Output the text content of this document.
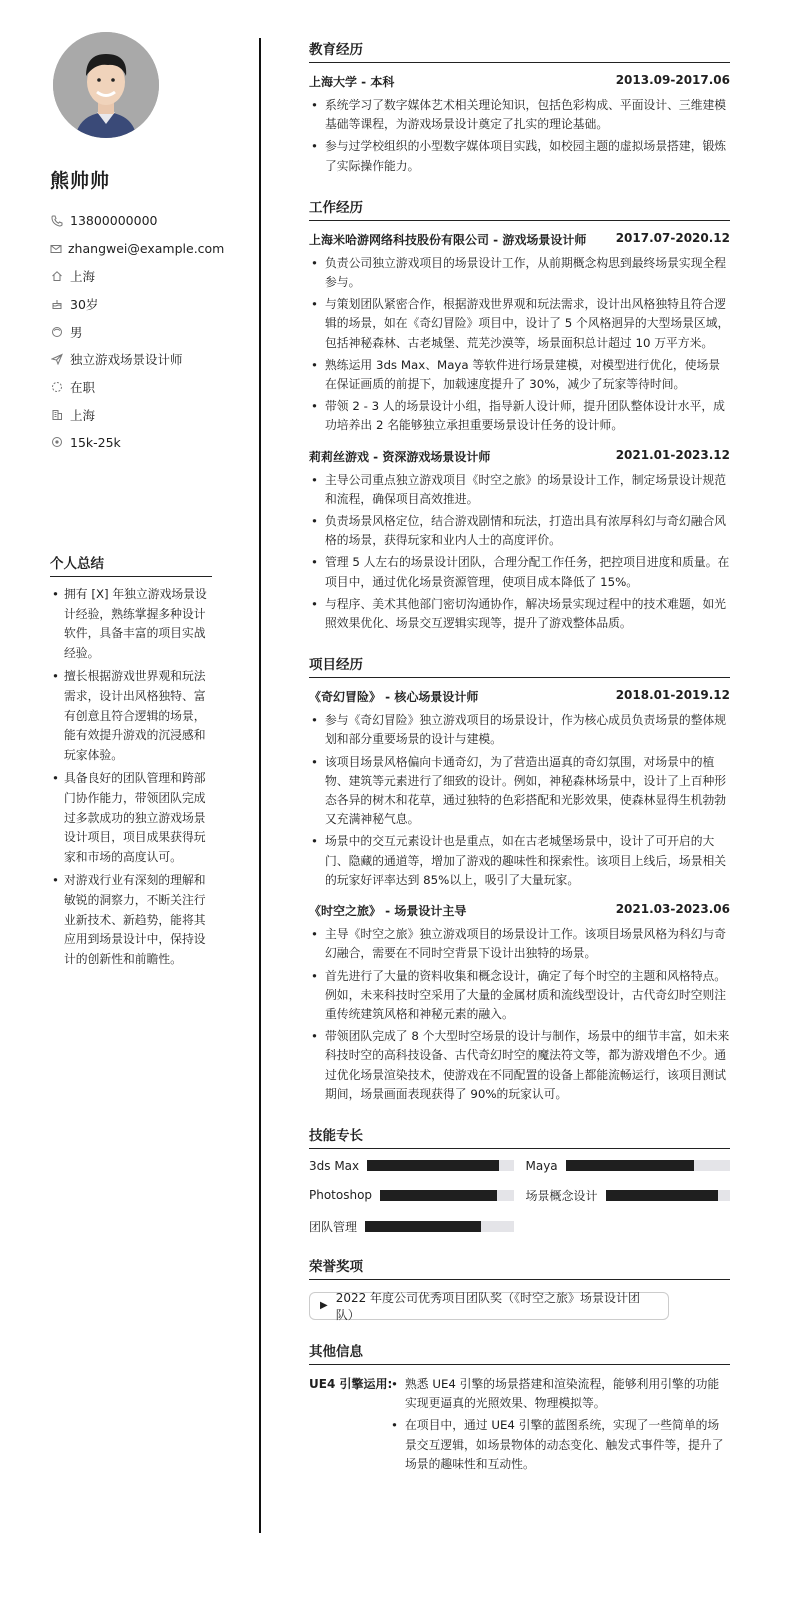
熊帅帅
13800000000
zhangwei@example.com
上海
30岁
男
独立游戏场景设计师
在职
上海
15k-25k
个人总结
• 拥有 [X] 年独立游戏场景设计经验，熟练掌握多种设计软件，具备丰富的项目实战经验。
• 擅长根据游戏世界观和玩法需求，设计出风格独特、富有创意且符合逻辑的场景，能有效提升游戏的沉浸感和玩家体验。
• 具备良好的团队管理和跨部门协作能力，带领团队完成过多款成功的独立游戏场景设计项目，项目成果获得玩家和市场的高度认可。
• 对游戏行业有深刻的理解和敏锐的洞察力，不断关注行业新技术、新趋势，能将其应用到场景设计中，保持设计的创新性和前瞻性。
教育经历
上海大学 - 本科	2013.09-2017.06
• 系统学习了数字媒体艺术相关理论知识，包括色彩构成、平面设计、三维建模基础等课程，为游戏场景设计奠定了扎实的理论基础。
• 参与过学校组织的小型数字媒体项目实践，如校园主题的虚拟场景搭建，锻炼了实际操作能力。
工作经历
上海米哈游网络科技股份有限公司 - 游戏场景设计师 2017.07-2020.12
• 负责公司独立游戏项目的场景设计工作，从前期概念构思到最终场景实现全程参与。
• 与策划团队紧密合作，根据游戏世界观和玩法需求，设计出风格独特且符合逻辑的场景，如在《奇幻冒险》项目中，设计了 5 个风格迥异的大型场景区域，包括神秘森林、古老城堡、荒芜沙漠等，场景面积总计超过 10 万平方米。
• 熟练运用 3ds Max、Maya 等软件进行场景建模，对模型进行优化，使场景在保证画质的前提下，加载速度提升了 30%，减少了玩家等待时间。
• 带领 2 - 3 人的场景设计小组，指导新人设计师，提升团队整体设计水平，成功培养出 2 名能够独立承担重要场景设计任务的设计师。
莉莉丝游戏 - 资深游戏场景设计师	2021.01-2023.12
• 主导公司重点独立游戏项目《时空之旅》的场景设计工作，制定场景设计规范和流程，确保项目高效推进。
• 负责场景风格定位，结合游戏剧情和玩法，打造出具有浓厚科幻与奇幻融合风格的场景，获得玩家和业内人士的高度评价。
• 管理 5 人左右的场景设计团队，合理分配工作任务，把控项目进度和质量。在项目中，通过优化场景资源管理，使项目成本降低了 15%。
• 与程序、美术其他部门密切沟通协作，解决场景实现过程中的技术难题，如光照效果优化、场景交互逻辑实现等，提升了游戏整体品质。
项目经历
《奇幻冒险》 - 核心场景设计师	2018.01-2019.12
• 参与《奇幻冒险》独立游戏项目的场景设计，作为核心成员负责场景的整体规划和部分重要场景的设计与建模。
• 该项目场景风格偏向卡通奇幻，为了营造出逼真的奇幻氛围，对场景中的植物、建筑等元素进行了细致的设计。例如，神秘森林场景中，设计了上百种形态各异的树木和花草，通过独特的色彩搭配和光影效果，使森林显得生机勃勃又充满神秘气息。
• 场景中的交互元素设计也是重点，如在古老城堡场景中，设计了可开启的大门、隐藏的通道等，增加了游戏的趣味性和探索性。该项目上线后，场景相关的玩家好评率达到 85%以上，吸引了大量玩家。
《时空之旅》 - 场景设计主导	2021.03-2023.06
• 主导《时空之旅》独立游戏项目的场景设计工作。该项目场景风格为科幻与奇幻融合，需要在不同时空背景下设计出独特的场景。
• 首先进行了大量的资料收集和概念设计，确定了每个时空的主题和风格特点。例如，未来科技时空采用了大量的金属材质和流线型设计，古代奇幻时空则注重传统建筑风格和神秘元素的融入。
• 带领团队完成了 8 个大型时空场景的设计与制作，场景中的细节丰富，如未来科技时空的高科技设备、古代奇幻时空的魔法符文等，都为游戏增色不少。通过优化场景渲染技术，使游戏在不同配置的设备上都能流畅运行，该项目测试期间，场景画面表现获得了 90%的玩家认可。
技能专长
3ds Max	Maya
Photoshop	场景概念设计
团队管理
荣誉奖项
▶
2022 年度公司优秀项目团队奖（《时空之旅》场景设计团队）
其他信息
UE4 引擎运用:
•	熟悉 UE4 引擎的场景搭建和渲染流程，能够利用引擎的功能实现更逼真的光照效果、物理模拟等。
• 在项目中，通过 UE4 引擎的蓝图系统，实现了一些简单的场景交互逻辑，如场景物体的动态变化、触发式事件等，提升了场景的趣味性和互动性。
